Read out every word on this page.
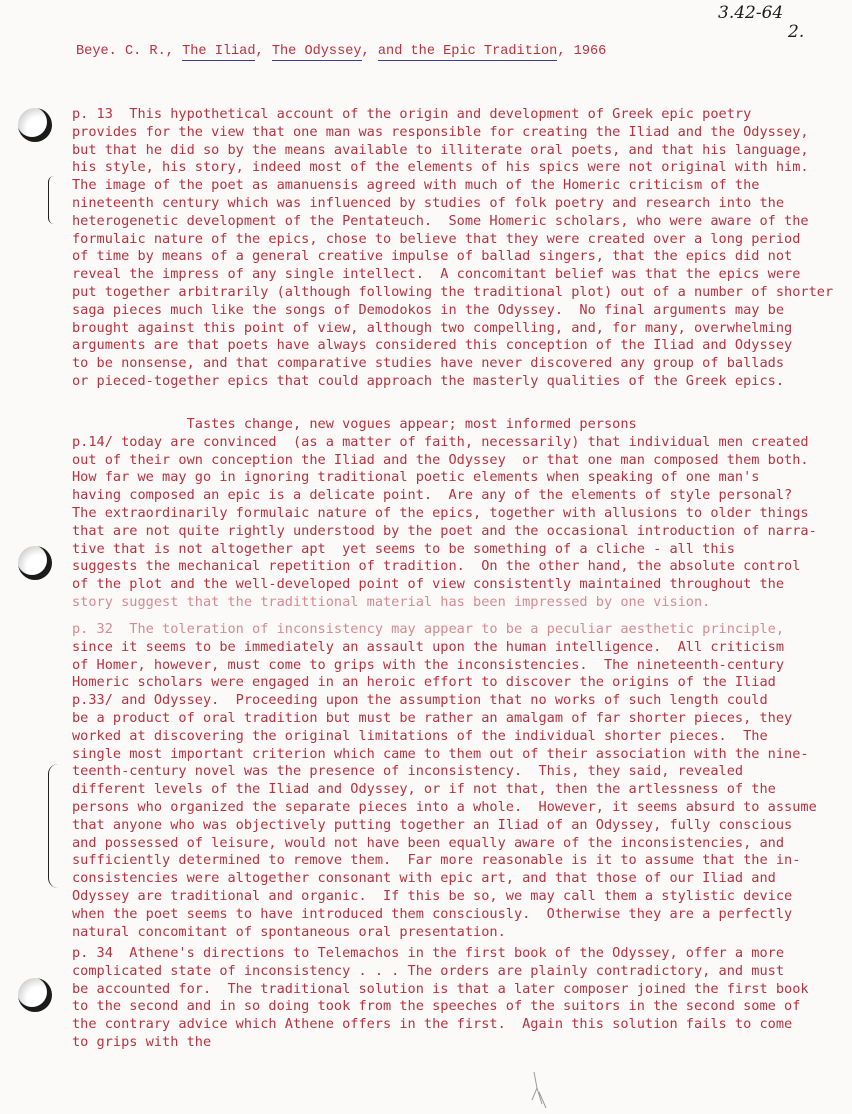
3.42-64
2.
Beye. C. R., The Iliad, The Odyssey, and the Epic Tradition, 1966
p. 13  This hypothetical account of the origin and development of Greek epic poetry
provides for the view that one man was responsible for creating the Iliad and the Odyssey,
but that he did so by the means available to illiterate oral poets, and that his language,
his style, his story, indeed most of the elements of his spics were not original with him.
The image of the poet as amanuensis agreed with much of the Homeric criticism of the
nineteenth century which was influenced by studies of folk poetry and research into the
heterogenetic development of the Pentateuch.  Some Homeric scholars, who were aware of the
formulaic nature of the epics, chose to believe that they were created over a long period
of time by means of a general creative impulse of ballad singers, that the epics did not
reveal the impress of any single intellect.  A concomitant belief was that the epics were
put together arbitrarily (although following the traditional plot) out of a number of shorter
saga pieces much like the songs of Demodokos in the Odyssey.  No final arguments may be
brought against this point of view, although two compelling, and, for many, overwhelming
arguments are that poets have always considered this conception of the Iliad and Odyssey
to be nonsense, and that comparative studies have never discovered any group of ballads
or pieced-together epics that could approach the masterly qualities of the Greek epics.
Tastes change, new vogues appear; most informed persons
p.14/ today are convinced  (as a matter of faith, necessarily) that individual men created
out of their own conception the Iliad and the Odyssey  or that one man composed them both.
How far we may go in ignoring traditional poetic elements when speaking of one man's
having composed an epic is a delicate point.  Are any of the elements of style personal?
The extraordinarily formulaic nature of the epics, together with allusions to older things
that are not quite rightly understood by the poet and the occasional introduction of narra-
tive that is not altogether apt  yet seems to be something of a cliche - all this
suggests the mechanical repetition of tradition.  On the other hand, the absolute control
of the plot and the well-developed point of view consistently maintained throughout the
story suggest that the tradittional material has been impressed by one vision.
p. 32  The toleration of inconsistency may appear to be a peculiar aesthetic principle,
since it seems to be immediately an assault upon the human intelligence.  All criticism
of Homer, however, must come to grips with the inconsistencies.  The nineteenth-century
Homeric scholars were engaged in an heroic effort to discover the origins of the Iliad
p.33/ and Odyssey.  Proceeding upon the assumption that no works of such length could
be a product of oral tradition but must be rather an amalgam of far shorter pieces, they
worked at discovering the original limitations of the individual shorter pieces.  The
single most important criterion which came to them out of their association with the nine-
teenth-century novel was the presence of inconsistency.  This, they said, revealed
different levels of the Iliad and Odyssey, or if not that, then the artlessness of the
persons who organized the separate pieces into a whole.  However, it seems absurd to assume
that anyone who was objectively putting together an Iliad of an Odyssey, fully conscious
and possessed of leisure, would not have been equally aware of the inconsistencies, and
sufficiently determined to remove them.  Far more reasonable is it to assume that the in-
consistencies were altogether consonant with epic art, and that those of our Iliad and
Odyssey are traditional and organic.  If this be so, we may call them a stylistic device
when the poet seems to have introduced them consciously.  Otherwise they are a perfectly
natural concomitant of spontaneous oral presentation.
p. 34  Athene's directions to Telemachos in the first book of the Odyssey, offer a more
complicated state of inconsistency . . . The orders are plainly contradictory, and must
be accounted for.  The traditional solution is that a later composer joined the first book
to the second and in so doing took from the speeches of the suitors in the second some of
the contrary advice which Athene offers in the first.  Again this solution fails to come
to grips with the
